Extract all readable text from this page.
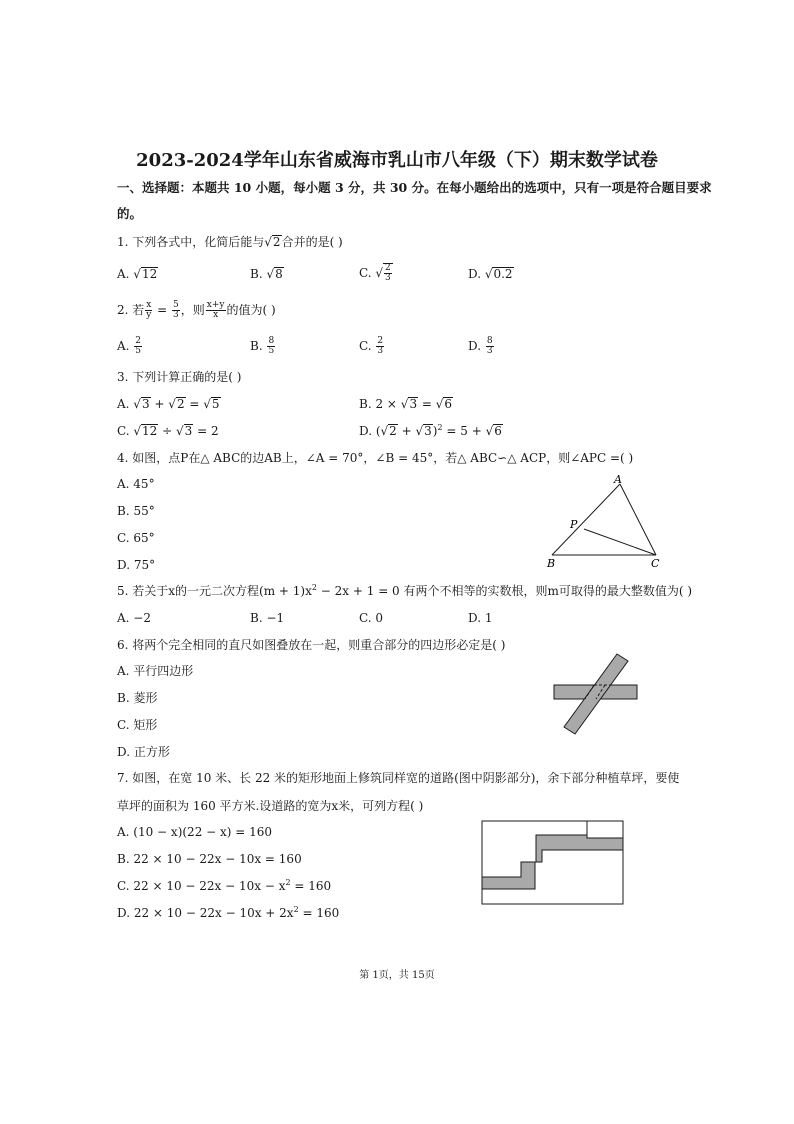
2023-2024学年山东省威海市乳山市八年级（下）期末数学试卷
一、选择题：本题共 10 小题，每小题 3 分，共 30 分。在每小题给出的选项中，只有一项是符合题目要求
的。
1. 下列各式中，化简后能与√2合并的是( )
A. √12	B. √8	C. √ $\frac{2}{3}$	D. √0.2
2. 若 $\frac{x}{y} = \frac{5}{3}$ ，则 $\frac{x+y}{x}$ 的值为( )
A. $\frac{2}{5}$	B. $\frac{8}{5}$	C. $\frac{2}{3}$	D. $\frac{8}{3}$
3. 下列计算正确的是( )
A. √3 + √2 = √5	B. 2 × √3 = √6
C. √12 ÷ √3 = 2	D. $(√2 + √3)^2 = 5 + √6$
4. 如图，点P在△ ABC的边AB上，∠A = 70°，∠B = 45°，若△ ABC∽△ ACP，则∠APC =( )
A. 45°
B. 55°
C. 65°
D. 75°
A
B	C
P
5. 若关于x的一元二次方程$(m + 1)x^2 - 2x + 1 = 0$ 有两个不相等的实数根，则m可取得的最大整数值为( )
A. −2	B. −1	C. 0	D. 1
6. 将两个完全相同的直尺如图叠放在一起，则重合部分的四边形必定是( )
A. 平行四边形
B. 菱形
C. 矩形
D. 正方形
7. 如图，在宽 10 米、长 22 米的矩形地面上修筑同样宽的道路(图中阴影部分)，余下部分种植草坪，要使
草坪的面积为 160 平方米.设道路的宽为x米，可列方程( )
A. (10 − x)(22 − x) = 160
B. 22 × 10 − 22x − 10x = 160
C. $22 \times 10 - 22x - 10x - x^2 = 160$
D. $22 \times 10 - 22x - 10x + 2x^2 = 160$
第 1页，共 15页
